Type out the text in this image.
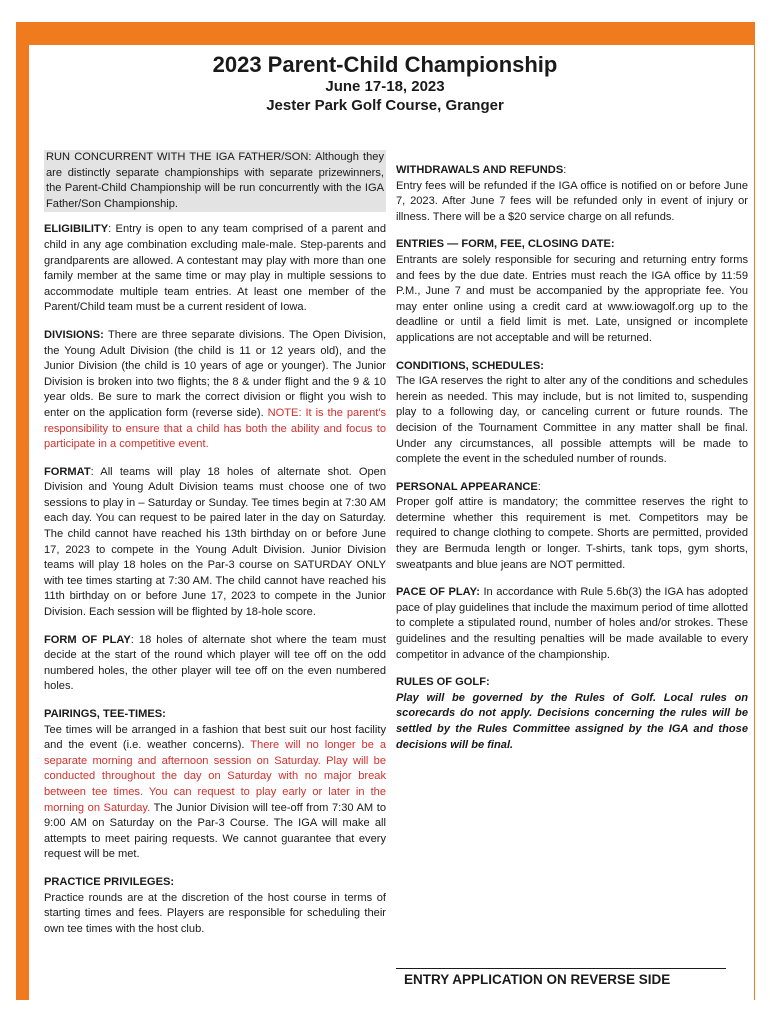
2023 Parent-Child Championship
June 17-18, 2023
Jester Park Golf Course, Granger
RUN CONCURRENT WITH THE IGA FATHER/SON: Although they are distinctly separate championships with separate prizewinners, the Parent-Child Championship will be run concurrently with the IGA Father/Son Championship.

ELIGIBILITY: Entry is open to any team comprised of a parent and child in any age combination excluding male-male. Step-parents and grandparents are allowed. A contestant may play with more than one family member at the same time or may play in multiple sessions to accommodate multiple team entries. At least one member of the Parent/Child team must be a current resident of Iowa.

DIVISIONS: There are three separate divisions. The Open Division, the Young Adult Division (the child is 11 or 12 years old), and the Junior Division (the child is 10 years of age or younger). The Junior Division is broken into two flights; the 8 & under flight and the 9 & 10 year olds. Be sure to mark the correct division or flight you wish to enter on the application form (reverse side). NOTE: It is the parent's responsibility to ensure that a child has both the ability and focus to participate in a competitive event.

FORMAT: All teams will play 18 holes of alternate shot. Open Division and Young Adult Division teams must choose one of two sessions to play in – Saturday or Sunday. Tee times begin at 7:30 AM each day. You can request to be paired later in the day on Saturday. The child cannot have reached his 13th birthday on or before June 17, 2023 to compete in the Young Adult Division. Junior Division teams will play 18 holes on the Par-3 course on SATURDAY ONLY with tee times starting at 7:30 AM. The child cannot have reached his 11th birthday on or before June 17, 2023 to compete in the Junior Division. Each session will be flighted by 18-hole score.

FORM OF PLAY: 18 holes of alternate shot where the team must decide at the start of the round which player will tee off on the odd numbered holes, the other player will tee off on the even numbered holes.

PAIRINGS, TEE-TIMES:
Tee times will be arranged in a fashion that best suit our host facility and the event (i.e. weather concerns). There will no longer be a separate morning and afternoon session on Saturday. Play will be conducted throughout the day on Saturday with no major break between tee times. You can request to play early or later in the morning on Saturday. The Junior Division will tee-off from 7:30 AM to 9:00 AM on Saturday on the Par-3 Course. The IGA will make all attempts to meet pairing requests. We cannot guarantee that every request will be met.

PRACTICE PRIVILEGES:
Practice rounds are at the discretion of the host course in terms of starting times and fees. Players are responsible for scheduling their own tee times with the host club.

WITHDRAWALS AND REFUNDS:
Entry fees will be refunded if the IGA office is notified on or before June 7, 2023. After June 7 fees will be refunded only in event of injury or illness. There will be a $20 service charge on all refunds.

ENTRIES — FORM, FEE, CLOSING DATE:
Entrants are solely responsible for securing and returning entry forms and fees by the due date. Entries must reach the IGA office by 11:59 P.M., June 7 and must be accompanied by the appropriate fee. You may enter online using a credit card at www.iowagolf.org up to the deadline or until a field limit is met. Late, unsigned or incomplete applications are not acceptable and will be returned.

CONDITIONS, SCHEDULES:
The IGA reserves the right to alter any of the conditions and schedules herein as needed. This may include, but is not limited to, suspending play to a following day, or canceling current or future rounds. The decision of the Tournament Committee in any matter shall be final. Under any circumstances, all possible attempts will be made to complete the event in the scheduled number of rounds.

PERSONAL APPEARANCE:
Proper golf attire is mandatory; the committee reserves the right to determine whether this requirement is met. Competitors may be required to change clothing to compete. Shorts are permitted, provided they are Bermuda length or longer. T-shirts, tank tops, gym shorts, sweatpants and blue jeans are NOT permitted.

PACE OF PLAY: In accordance with Rule 5.6b(3) the IGA has adopted pace of play guidelines that include the maximum period of time allotted to complete a stipulated round, number of holes and/or strokes. These guidelines and the resulting penalties will be made available to every competitor in advance of the championship.

RULES OF GOLF:
Play will be governed by the Rules of Golf. Local rules on scorecards do not apply. Decisions concerning the rules will be settled by the Rules Committee assigned by the IGA and those decisions will be final.

ENTRY APPLICATION ON REVERSE SIDE
